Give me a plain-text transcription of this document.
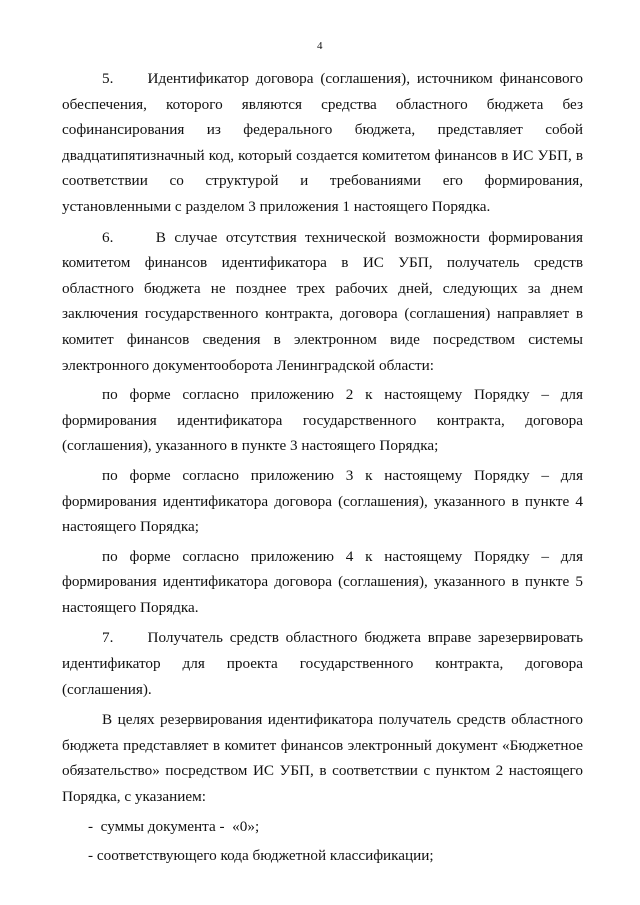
4

5.     Идентификатор договора (соглашения), источником финансового обеспечения, которого являются средства областного бюджета без софинансирования из федерального бюджета, представляет собой двадцатипятизначный код, который создается комитетом финансов в ИС УБП, в соответствии со структурой и требованиями его формирования, установленными с разделом 3 приложения 1 настоящего Порядка.

6.     В случае отсутствия технической возможности формирования комитетом финансов идентификатора в ИС УБП, получатель средств областного бюджета не позднее трех рабочих дней, следующих за днем заключения государственного контракта, договора (соглашения) направляет в комитет финансов сведения в электронном виде посредством системы электронного документооборота Ленинградской области:

по форме согласно приложению 2 к настоящему Порядку – для формирования идентификатора государственного контракта, договора (соглашения), указанного в пункте 3 настоящего Порядка;

по форме согласно приложению 3 к настоящему Порядку – для формирования идентификатора договора (соглашения), указанного в пункте 4 настоящего Порядка;

по форме согласно приложению 4 к настоящему Порядку – для формирования идентификатора договора (соглашения), указанного в пункте 5 настоящего Порядка.

7.     Получатель средств областного бюджета вправе зарезервировать идентификатор для проекта государственного контракта, договора (соглашения).

В целях резервирования идентификатора получатель средств областного бюджета представляет в комитет финансов электронный документ «Бюджетное обязательство» посредством ИС УБП, в соответствии с пунктом 2 настоящего Порядка, с указанием:

-  суммы документа -  «0»;

- соответствующего кода бюджетной классификации;
